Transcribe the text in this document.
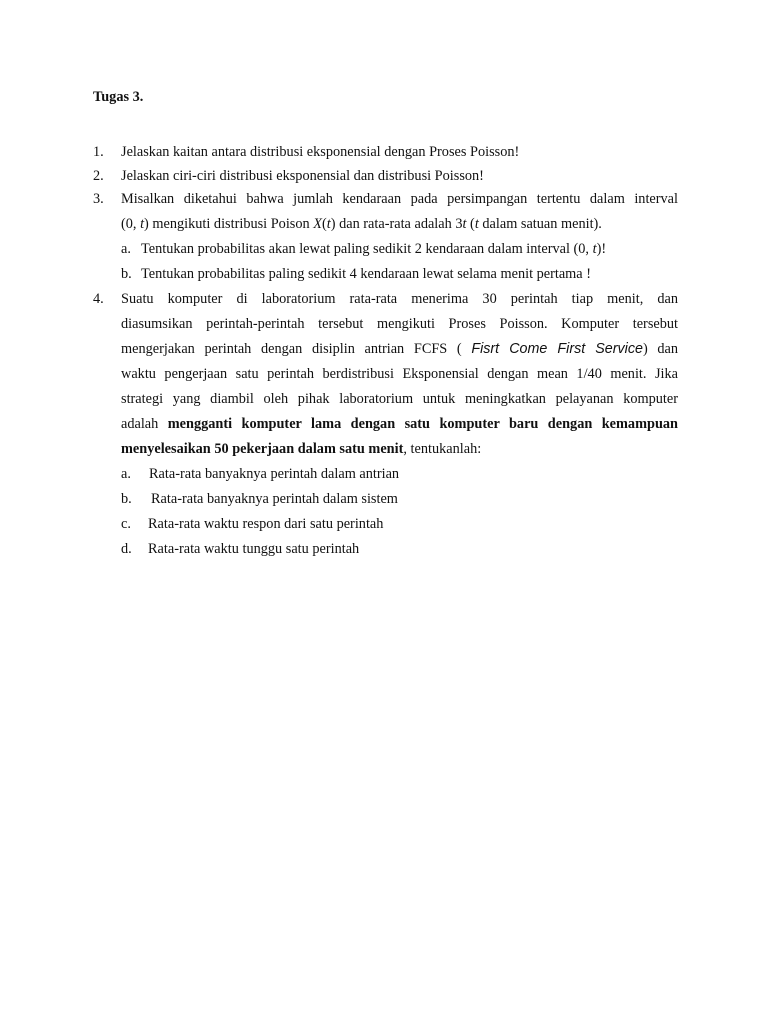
Tugas 3.
1. Jelaskan kaitan antara distribusi eksponensial dengan Proses Poisson!
2. Jelaskan ciri-ciri distribusi eksponensial dan distribusi Poisson!
3. Misalkan diketahui bahwa jumlah kendaraan pada persimpangan tertentu dalam interval
(0, t) mengikuti distribusi Poison X(t) dan rata-rata adalah 3t (t dalam satuan menit).
a. Tentukan probabilitas akan lewat paling sedikit 2 kendaraan dalam interval (0, t)!
b. Tentukan probabilitas paling sedikit 4 kendaraan lewat selama menit pertama !
4. Suatu komputer di laboratorium rata-rata menerima 30 perintah tiap menit, dan
diasumsikan perintah-perintah tersebut mengikuti Proses Poisson. Komputer tersebut
mengerjakan perintah dengan disiplin antrian FCFS ( Fisrt Come First Service) dan
waktu pengerjaan satu perintah berdistribusi Eksponensial dengan mean 1/40 menit. Jika
strategi yang diambil oleh pihak laboratorium untuk meningkatkan pelayanan komputer
adalah mengganti komputer lama dengan satu komputer baru dengan kemampuan
menyelesaikan 50 pekerjaan dalam satu menit, tentukanlah:
a. Rata-rata banyaknya perintah dalam antrian
b. Rata-rata banyaknya perintah dalam sistem
c. Rata-rata waktu respon dari satu perintah
d. Rata-rata waktu tunggu satu perintah
